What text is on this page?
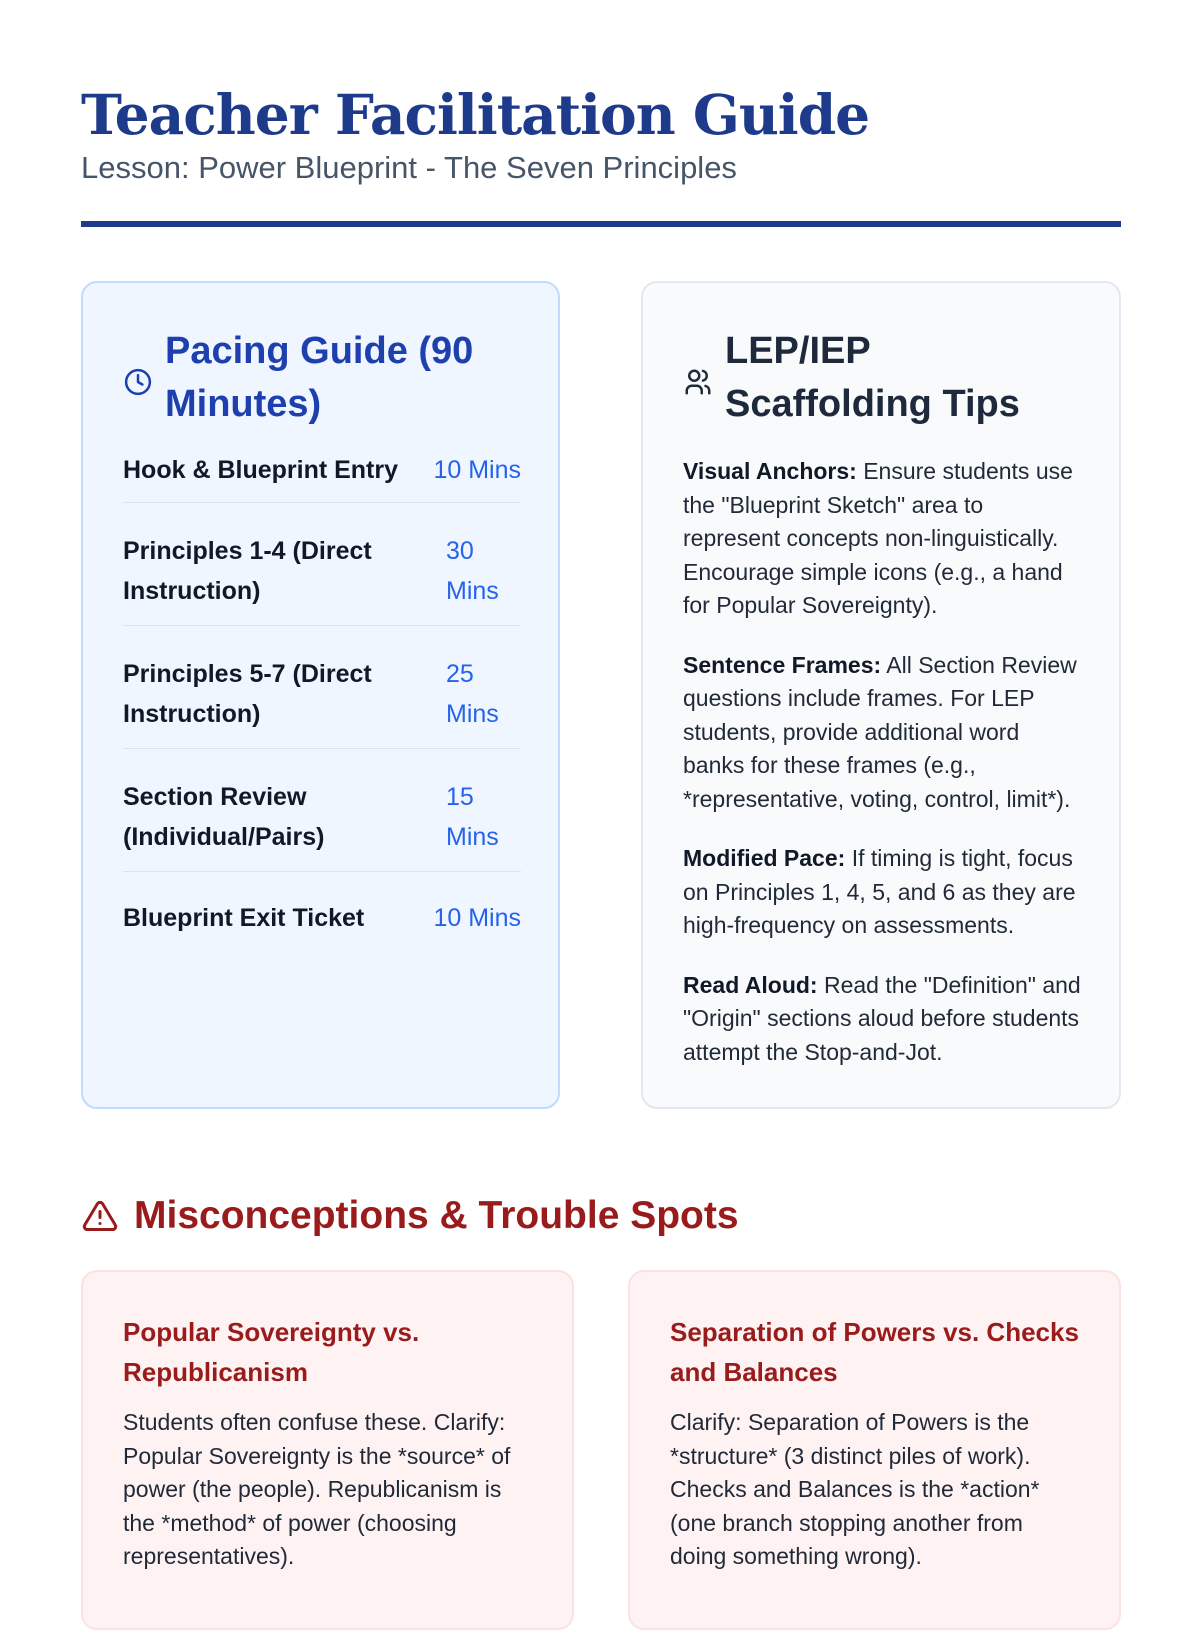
Teacher Facilitation Guide
Lesson: Power Blueprint - The Seven Principles
Pacing Guide (90 Minutes)
Hook & Blueprint Entry 10 Mins
Principles 1-4 (Direct Instruction)
30 Mins
Principles 5-7 (Direct Instruction)
25 Mins
Section Review (Individual/Pairs)
15 Mins
Blueprint Exit Ticket	10 Mins
LEP/IEP Scaffolding Tips

Visual Anchors: Ensure students use the "Blueprint Sketch" area to represent concepts non-linguistically. Encourage simple icons (e.g., a hand for Popular Sovereignty).

Sentence Frames: All Section Review questions include frames. For LEP students, provide additional word banks for these frames (e.g., *representative, voting, control, limit*).

Modified Pace: If timing is tight, focus on Principles 1, 4, 5, and 6 as they are high-frequency on assessments.

Read Aloud: Read the "Definition" and "Origin" sections aloud before students attempt the Stop-and-Jot.

Misconceptions & Trouble Spots
Popular Sovereignty vs. Republicanism

Students often confuse these. Clarify: Popular Sovereignty is the *source* of power (the people). Republicanism is the *method* of power (choosing representatives).

Separation of Powers vs. Checks and Balances

Clarify: Separation of Powers is the *structure* (3 distinct piles of work). Checks and Balances is the *action* (one branch stopping another from doing something wrong).
